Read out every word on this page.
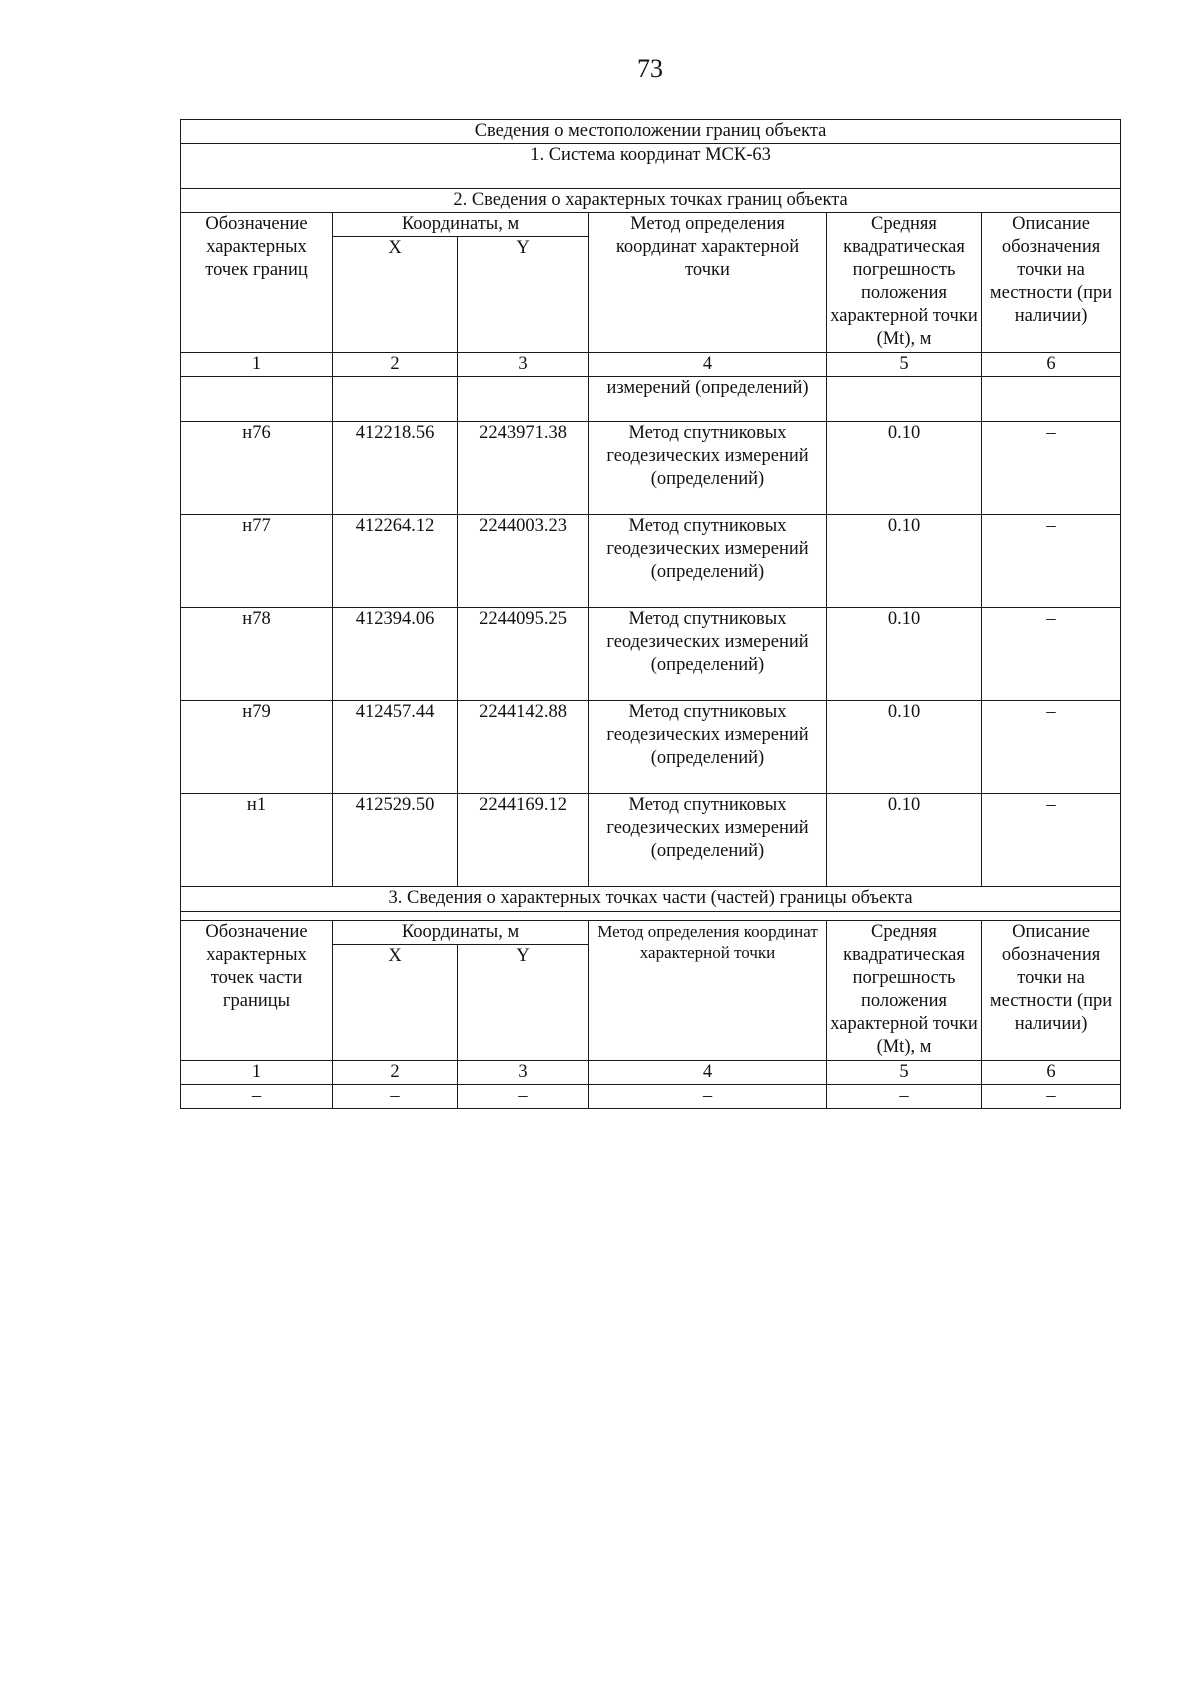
73
Сведения о местоположении границ объекта					
1. Система координат МСК-63					
2. Сведения о характерных точках границ объекта					
Обозначение характерных точек границ	Координаты, м		Метод определения координат характерной точки	Средняя квадратическая погрешность положения характерной точки (Mt), м	Описание обозначения точки на местности (при наличии)
	X	Y			
1	2	3	4	5	6
			измерений (определений)		
н76	412218.56	2243971.38	Метод спутниковых геодезических измерений (определений)	0.10	–
н77	412264.12	2244003.23	Метод спутниковых геодезических измерений (определений)	0.10	–
н78	412394.06	2244095.25	Метод спутниковых геодезических измерений (определений)	0.10	–
н79	412457.44	2244142.88	Метод спутниковых геодезических измерений (определений)	0.10	–
н1	412529.50	2244169.12	Метод спутниковых геодезических измерений (определений)	0.10	–
3. Сведения о характерных точках части (частей) границы объекта					

Обозначение характерных точек части границы	Координаты, м		Метод определения координат характерной точки	Средняя квадратическая погрешность положения характерной точки (Mt), м	Описание обозначения точки на местности (при наличии)
	X	Y			
1	2	3	4	5	6
–	–	–	–	–	–
